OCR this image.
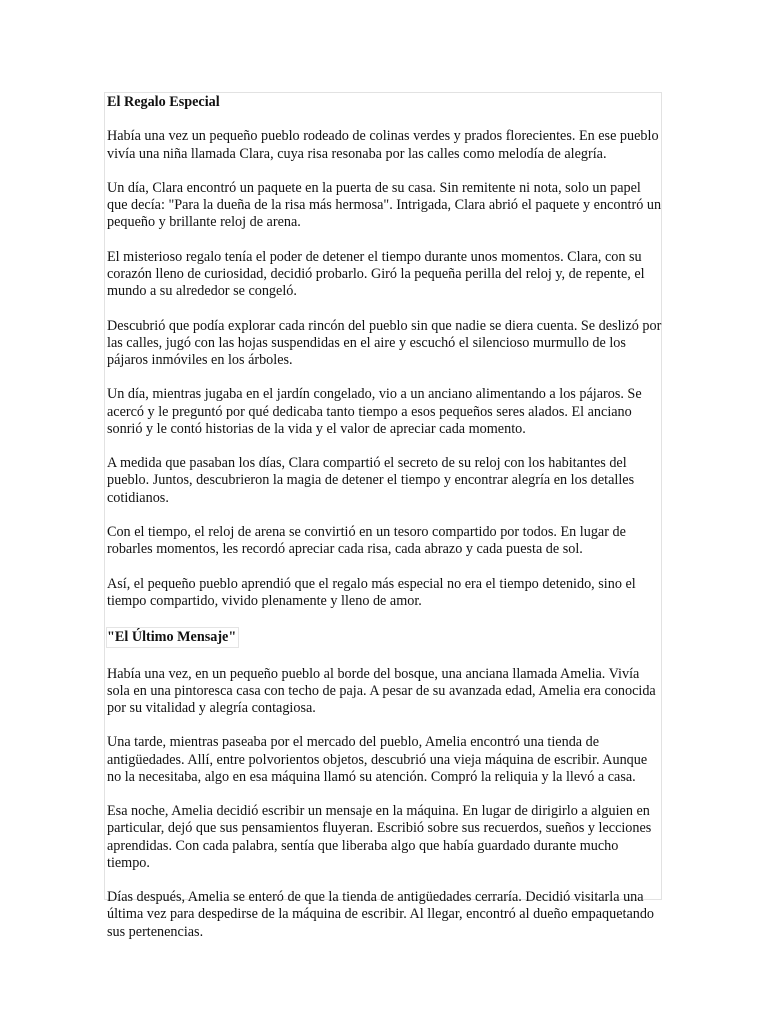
El Regalo Especial

Había una vez un pequeño pueblo rodeado de colinas verdes y prados florecientes. En ese pueblo vivía una niña llamada Clara, cuya risa resonaba por las calles como melodía de alegría.

Un día, Clara encontró un paquete en la puerta de su casa. Sin remitente ni nota, solo un papel que decía: "Para la dueña de la risa más hermosa". Intrigada, Clara abrió el paquete y encontró un pequeño y brillante reloj de arena.

El misterioso regalo tenía el poder de detener el tiempo durante unos momentos. Clara, con su corazón lleno de curiosidad, decidió probarlo. Giró la pequeña perilla del reloj y, de repente, el mundo a su alrededor se congeló.

Descubrió que podía explorar cada rincón del pueblo sin que nadie se diera cuenta. Se deslizó por las calles, jugó con las hojas suspendidas en el aire y escuchó el silencioso murmullo de los pájaros inmóviles en los árboles.

Un día, mientras jugaba en el jardín congelado, vio a un anciano alimentando a los pájaros. Se acercó y le preguntó por qué dedicaba tanto tiempo a esos pequeños seres alados. El anciano sonrió y le contó historias de la vida y el valor de apreciar cada momento.

A medida que pasaban los días, Clara compartió el secreto de su reloj con los habitantes del pueblo. Juntos, descubrieron la magia de detener el tiempo y encontrar alegría en los detalles cotidianos.

Con el tiempo, el reloj de arena se convirtió en un tesoro compartido por todos. En lugar de robarles momentos, les recordó apreciar cada risa, cada abrazo y cada puesta de sol.

Así, el pequeño pueblo aprendió que el regalo más especial no era el tiempo detenido, sino el tiempo compartido, vivido plenamente y lleno de amor.

"El Último Mensaje"

Había una vez, en un pequeño pueblo al borde del bosque, una anciana llamada Amelia. Vivía sola en una pintoresca casa con techo de paja. A pesar de su avanzada edad, Amelia era conocida por su vitalidad y alegría contagiosa.

Una tarde, mientras paseaba por el mercado del pueblo, Amelia encontró una tienda de antigüedades. Allí, entre polvorientos objetos, descubrió una vieja máquina de escribir. Aunque no la necesitaba, algo en esa máquina llamó su atención. Compró la reliquia y la llevó a casa.

Esa noche, Amelia decidió escribir un mensaje en la máquina. En lugar de dirigirlo a alguien en particular, dejó que sus pensamientos fluyeran. Escribió sobre sus recuerdos, sueños y lecciones aprendidas. Con cada palabra, sentía que liberaba algo que había guardado durante mucho tiempo.

Días después, Amelia se enteró de que la tienda de antigüedades cerraría. Decidió visitarla una última vez para despedirse de la máquina de escribir. Al llegar, encontró al dueño empaquetando sus pertenencias.
